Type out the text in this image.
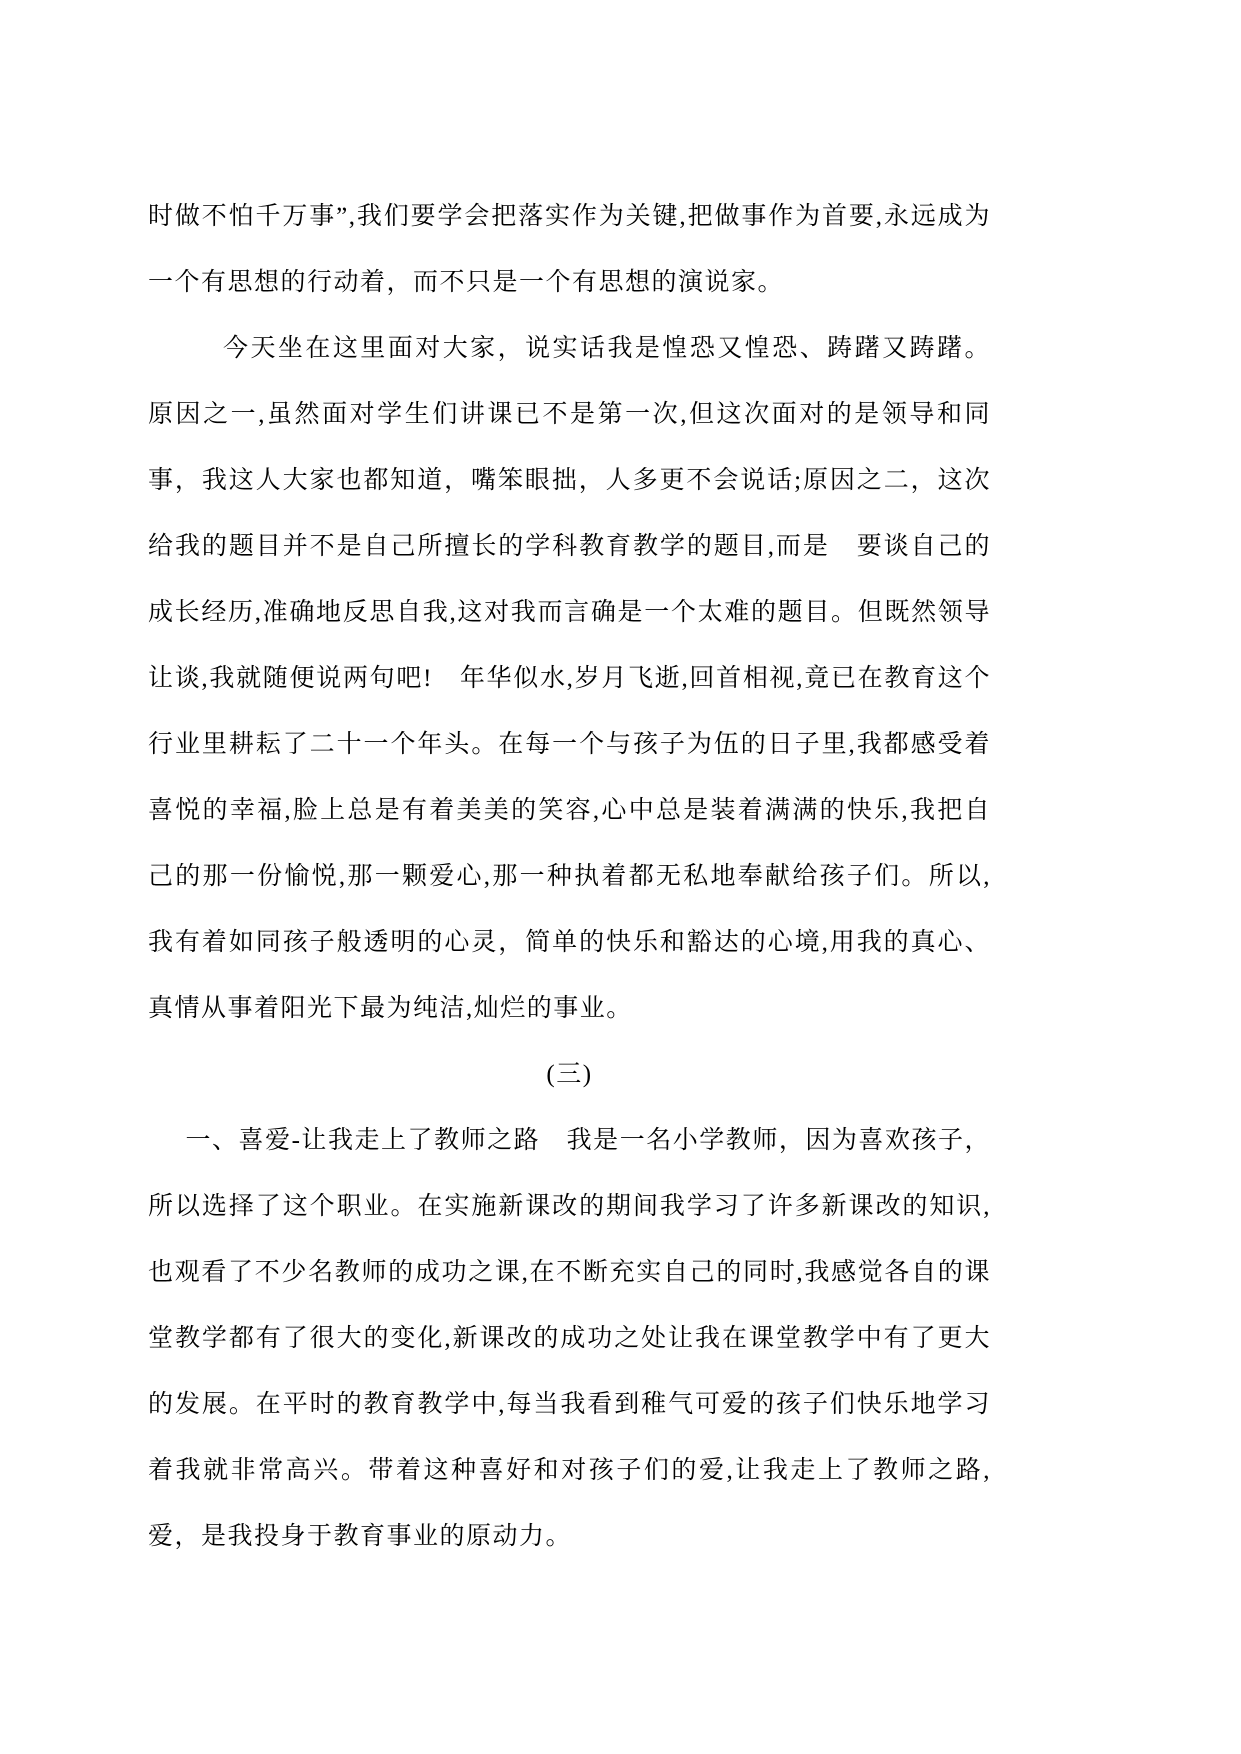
时做不怕千万事”,我们要学会把落实作为关键,把做事作为首要,永远成为一个有思想的行动着，而不只是一个有思想的演说家。

今天坐在这里面对大家，说实话我是惶恐又惶恐、踌躇又踌躇。原因之一,虽然面对学生们讲课已不是第一次,但这次面对的是领导和同事，我这人大家也都知道，嘴笨眼拙，人多更不会说话;原因之二，这次给我的题目并不是自己所擅长的学科教育教学的题目,而是　要谈自己的成长经历,准确地反思自我,这对我而言确是一个太难的题目。但既然领导让谈,我就随便说两句吧!　年华似水,岁月飞逝,回首相视,竟已在教育这个行业里耕耘了二十一个年头。在每一个与孩子为伍的日子里,我都感受着喜悦的幸福,脸上总是有着美美的笑容,心中总是装着满满的快乐,我把自己的那一份愉悦,那一颗爱心,那一种执着都无私地奉献给孩子们。所以,我有着如同孩子般透明的心灵，简单的快乐和豁达的心境,用我的真心、真情从事着阳光下最为纯洁,灿烂的事业。

(三)

一、喜爱-让我走上了教师之路　我是一名小学教师，因为喜欢孩子，所以选择了这个职业。在实施新课改的期间我学习了许多新课改的知识,也观看了不少名教师的成功之课,在不断充实自己的同时,我感觉各自的课堂教学都有了很大的变化,新课改的成功之处让我在课堂教学中有了更大的发展。在平时的教育教学中,每当我看到稚气可爱的孩子们快乐地学习着我就非常高兴。带着这种喜好和对孩子们的爱,让我走上了教师之路,爱，是我投身于教育事业的原动力。
